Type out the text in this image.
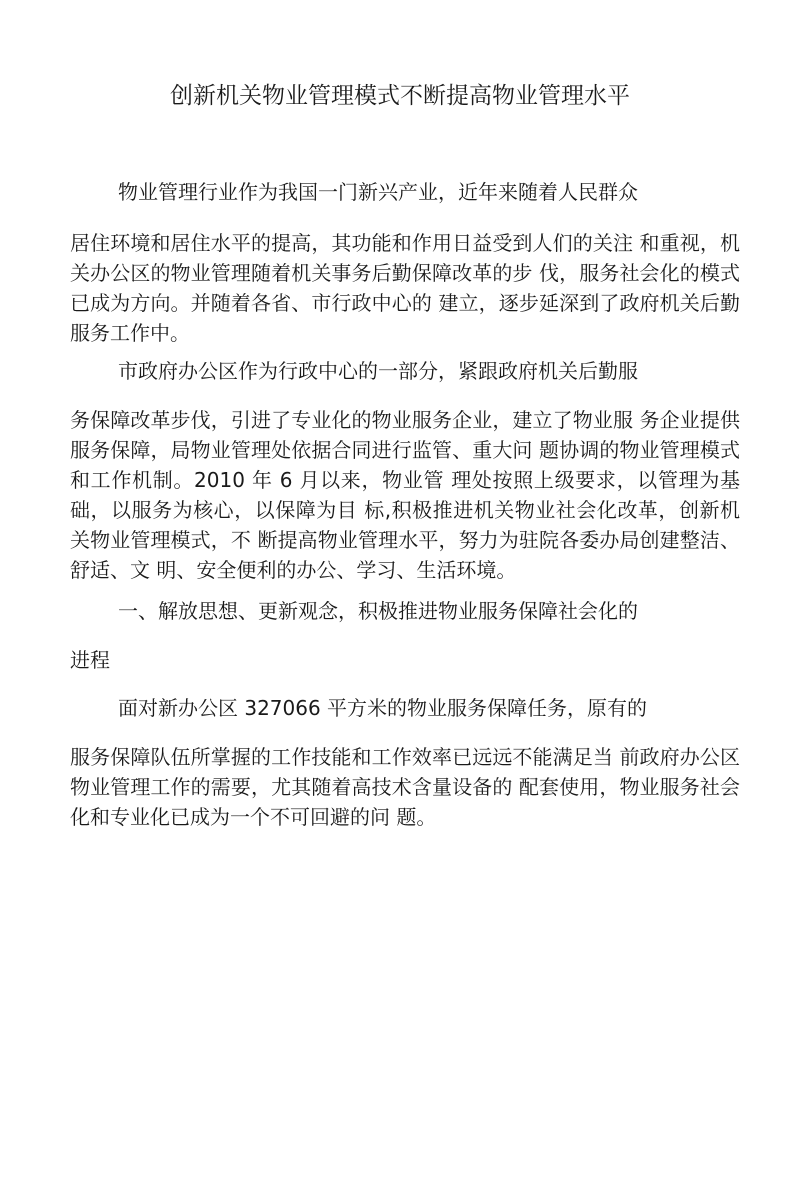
创新机关物业管理模式不断提高物业管理水平
物业管理行业作为我国一门新兴产业，近年来随着人民群众
居住环境和居住水平的提高，其功能和作用日益受到人们的关注 和重视，机关办公区的物业管理随着机关事务后勤保障改革的步 伐，服务社会化的模式已成为方向。并随着各省、市行政中心的 建立，逐步延深到了政府机关后勤服务工作中。
市政府办公区作为行政中心的一部分，紧跟政府机关后勤服
务保障改革步伐，引进了专业化的物业服务企业，建立了物业服 务企业提供服务保障，局物业管理处依据合同进行监管、重大问 题协调的物业管理模式和工作机制。2010 年 6 月以来，物业管 理处按照上级要求，以管理为基础，以服务为核心，以保障为目 标,积极推进机关物业社会化改革，创新机关物业管理模式，不 断提高物业管理水平，努力为驻院各委办局创建整洁、舒适、文 明、安全便利的办公、学习、生活环境。
一、解放思想、更新观念，积极推进物业服务保障社会化的
进程
面对新办公区 327066 平方米的物业服务保障任务，原有的
服务保障队伍所掌握的工作技能和工作效率已远远不能满足当 前政府办公区物业管理工作的需要，尤其随着高技术含量设备的 配套使用，物业服务社会化和专业化已成为一个不可回避的问 题。
